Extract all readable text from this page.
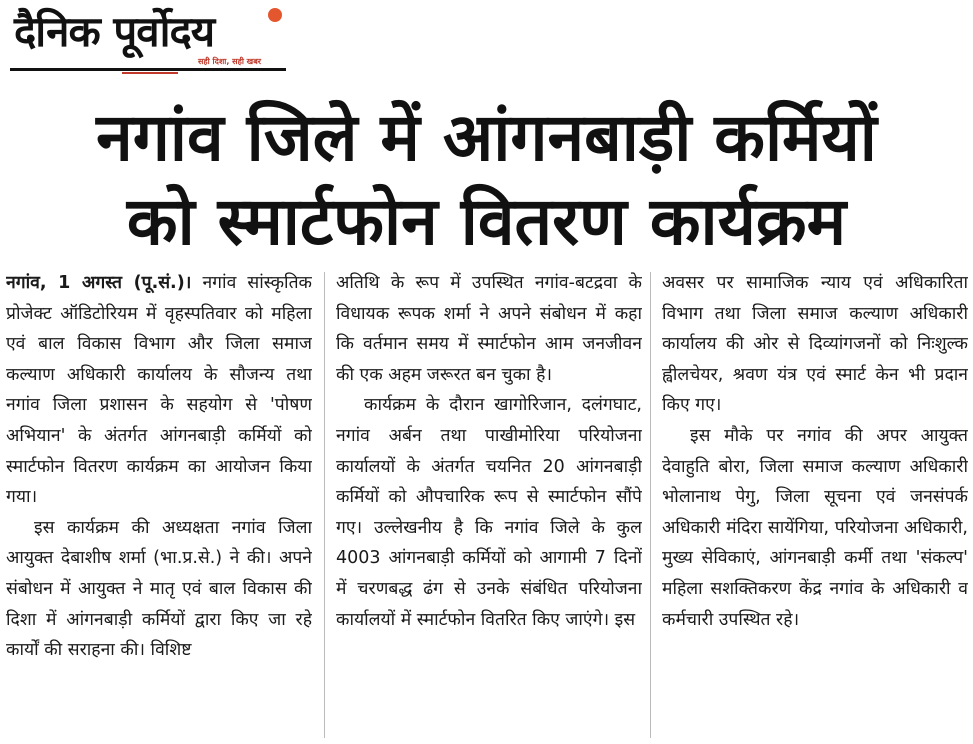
दैनिक पूर्वोदय
सही दिशा, सही खबर
नगांव जिले में आंगनबाड़ी कर्मियों
को स्मार्टफोन वितरण कार्यक्रम

नगांव, 1 अगस्त (पू.सं.)। नगांव सांस्कृतिक प्रोजेक्ट ऑडिटोरियम में वृहस्पतिवार को महिला एवं बाल विकास विभाग और जिला समाज कल्याण अधिकारी कार्यालय के सौजन्य तथा नगांव जिला प्रशासन के सहयोग से 'पोषण अभियान' के अंतर्गत आंगनबाड़ी कर्मियों को स्मार्टफोन वितरण कार्यक्रम का आयोजन किया गया।

इस कार्यक्रम की अध्यक्षता नगांव जिला आयुक्त देबाशीष शर्मा (भा.प्र.से.) ने की। अपने संबोधन में आयुक्त ने मातृ एवं बाल विकास की दिशा में आंगनबाड़ी कर्मियों द्वारा किए जा रहे कार्यों की सराहना की। विशिष्ट

अतिथि के रूप में उपस्थित नगांव-बटद्रवा के विधायक रूपक शर्मा ने अपने संबोधन में कहा कि वर्तमान समय में स्मार्टफोन आम जनजीवन की एक अहम जरूरत बन चुका है।

कार्यक्रम के दौरान खागोरिजान, दलंगघाट, नगांव अर्बन तथा पाखीमोरिया परियोजना कार्यालयों के अंतर्गत चयनित 20 आंगनबाड़ी कर्मियों को औपचारिक रूप से स्मार्टफोन सौंपे गए। उल्लेखनीय है कि नगांव जिले के कुल 4003 आंगनबाड़ी कर्मियों को आगामी 7 दिनों में चरणबद्ध ढंग से उनके संबंधित परियोजना कार्यालयों में स्मार्टफोन वितरित किए जाएंगे। इस

अवसर पर सामाजिक न्याय एवं अधिकारिता विभाग तथा जिला समाज कल्याण अधिकारी कार्यालय की ओर से दिव्यांगजनों को निःशुल्क ह्वीलचेयर, श्रवण यंत्र एवं स्मार्ट केन भी प्रदान किए गए।

इस मौके पर नगांव की अपर आयुक्त देवाहुति बोरा, जिला समाज कल्याण अधिकारी भोलानाथ पेगु, जिला सूचना एवं जनसंपर्क अधिकारी मंदिरा सायेंगिया, परियोजना अधिकारी, मुख्य सेविकाएं, आंगनबाड़ी कर्मी तथा 'संकल्प' महिला सशक्तिकरण केंद्र नगांव के अधिकारी व कर्मचारी उपस्थित रहे।
